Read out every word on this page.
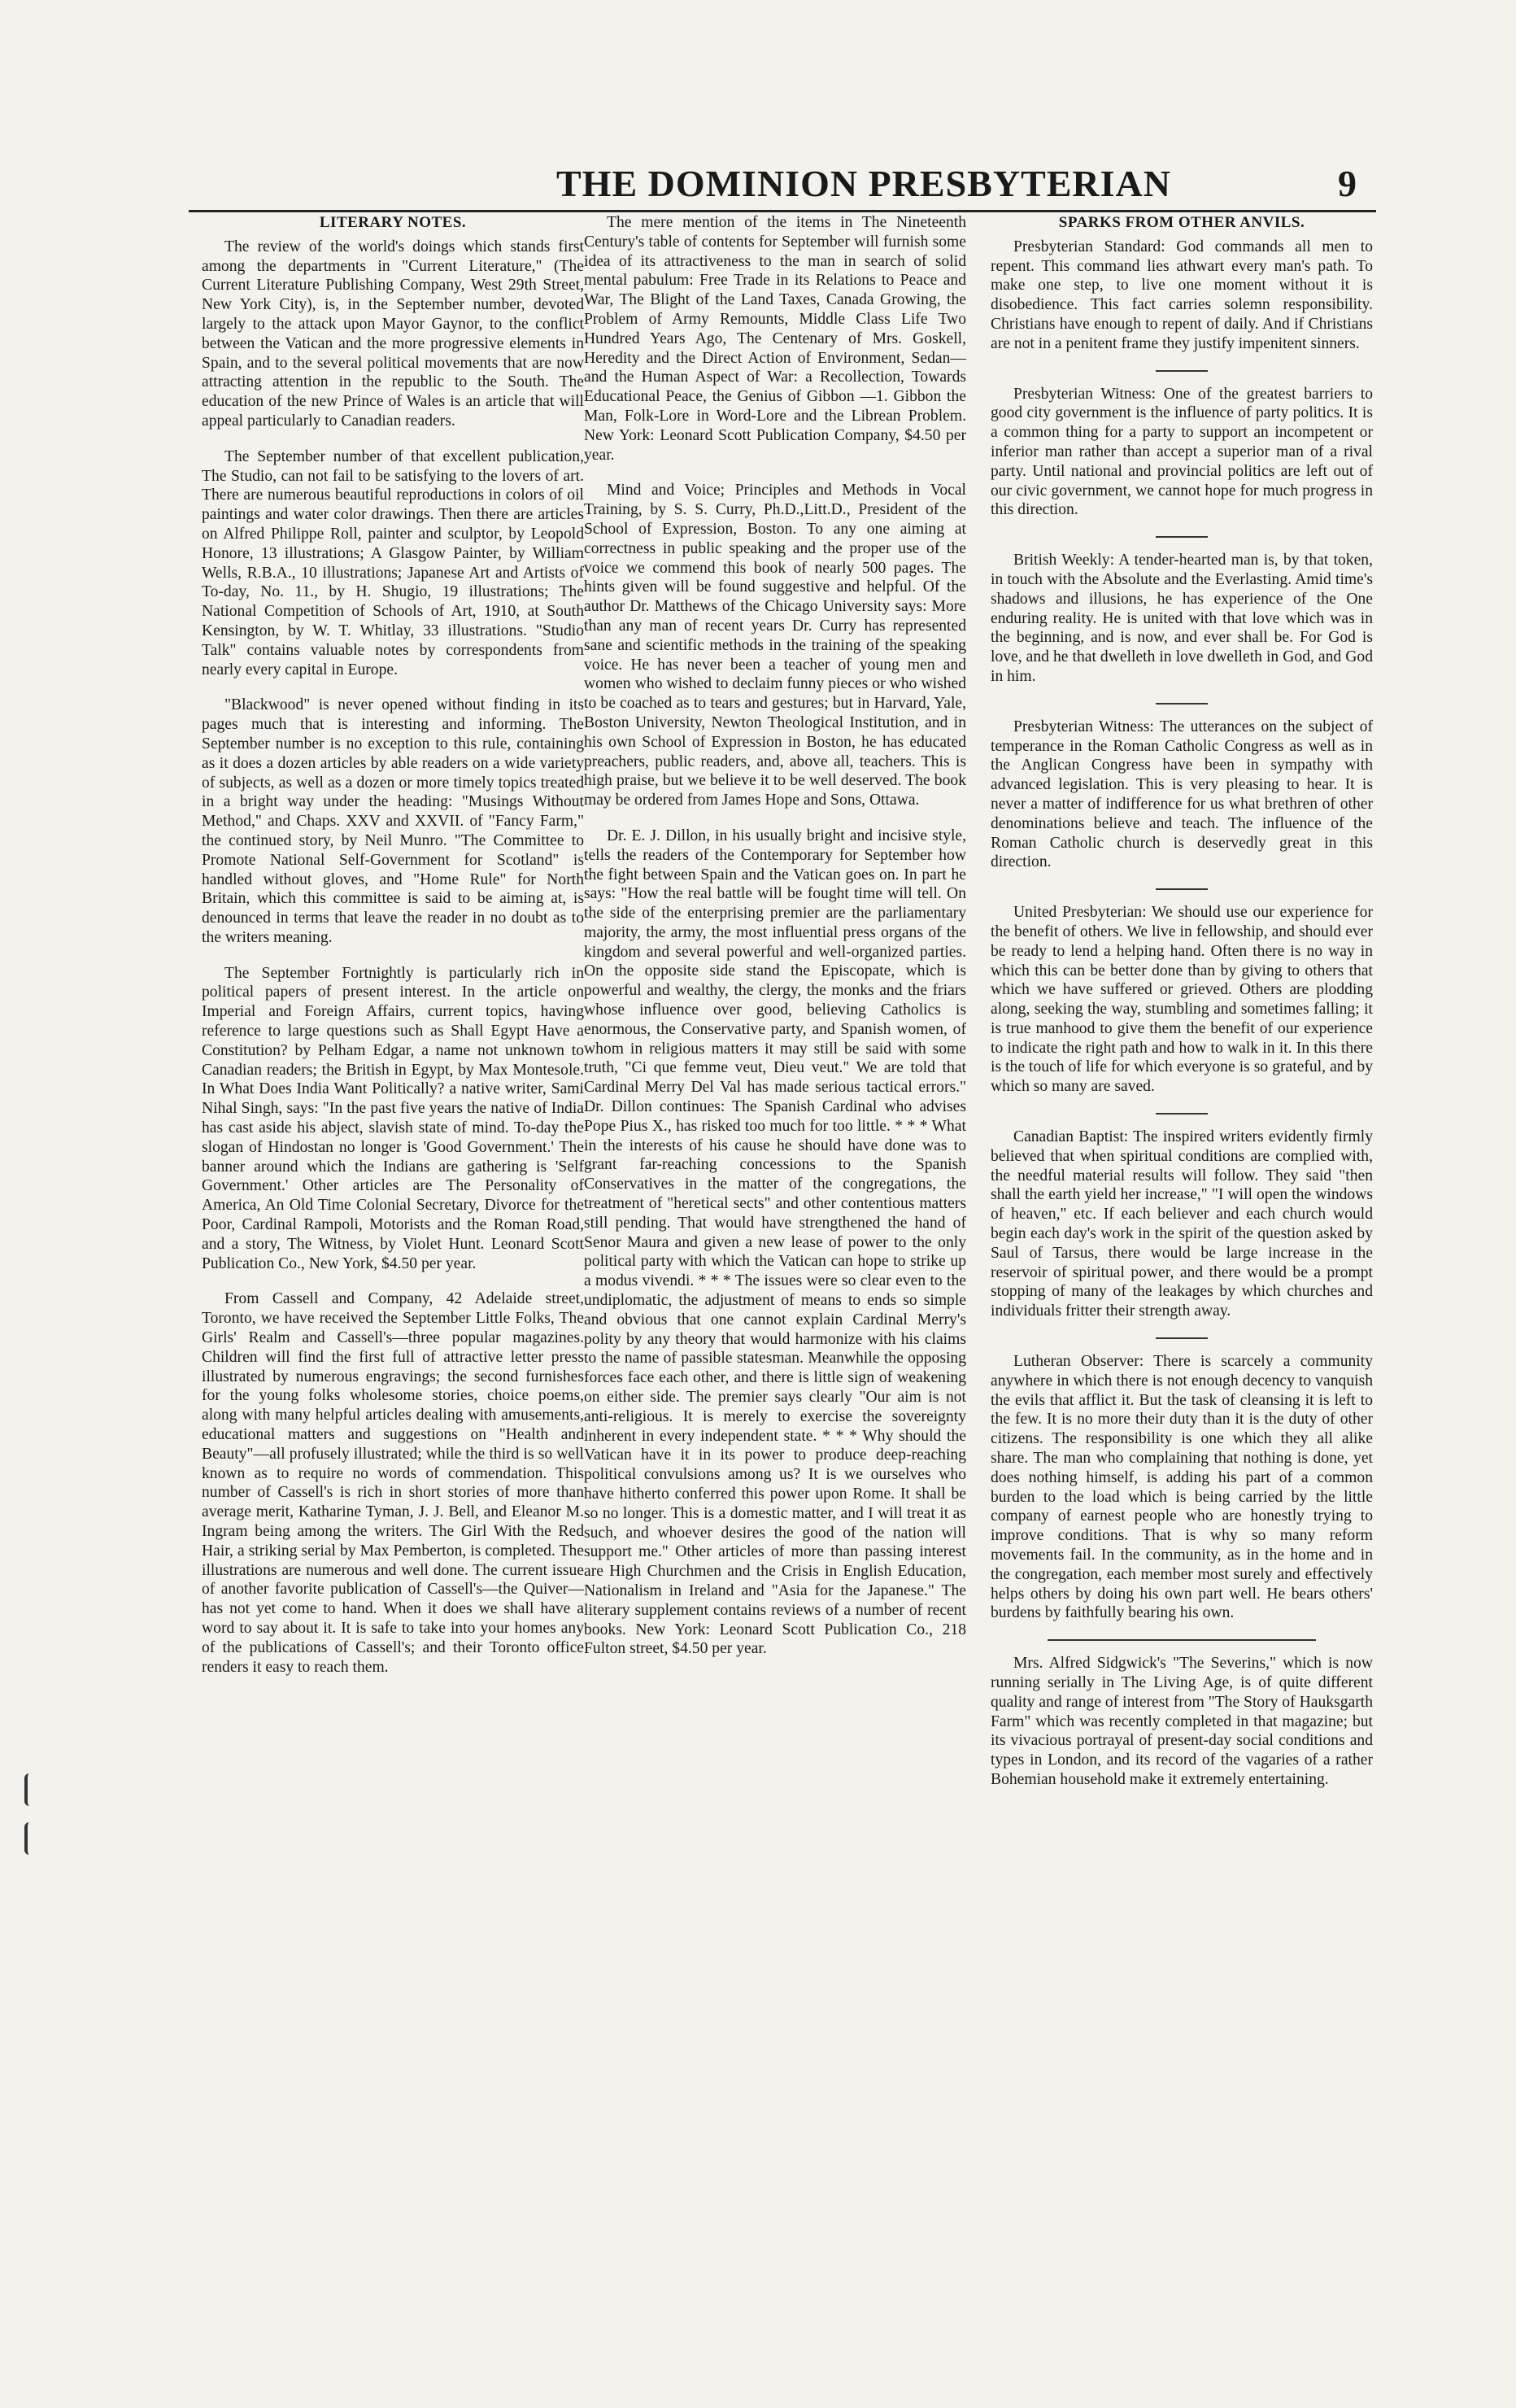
THE DOMINION PRESBYTERIAN	9
LITERARY NOTES.

The review of the world's doings which stands first among the departments in "Current Literature," (The Current Literature Publishing Company, West 29th Street, New York City), is, in the September number, devoted largely to the attack upon Mayor Gaynor, to the conflict between the Vatican and the more progressive elements in Spain, and to the several political movements that are now attracting attention in the republic to the South. The education of the new Prince of Wales is an article that will appeal particularly to Canadian readers.

The September number of that excellent publication, The Studio, can not fail to be satisfying to the lovers of art. There are numerous beautiful reproductions in colors of oil paintings and water color drawings. Then there are articles on Alfred Philippe Roll, painter and sculptor, by Leopold Honore, 13 illustrations; A Glasgow Painter, by William Wells, R.B.A., 10 illustrations; Japanese Art and Artists of To-day, No. 11., by H. Shugio, 19 illustrations; The National Competition of Schools of Art, 1910, at South Kensington, by W. T. Whitlay, 33 illustrations. "Studio Talk" contains valuable notes by correspondents from nearly every capital in Europe.

"Blackwood" is never opened without finding in its pages much that is interesting and informing. The September number is no exception to this rule, containing as it does a dozen articles by able readers on a wide variety of subjects, as well as a dozen or more timely topics treated in a bright way under the heading: "Musings Without Method," and Chaps. XXV and XXVII. of "Fancy Farm," the continued story, by Neil Munro. "The Committee to Promote National Self-Government for Scotland" is handled without gloves, and "Home Rule" for North Britain, which this committee is said to be aiming at, is denounced in terms that leave the reader in no doubt as to the writers meaning.

The September Fortnightly is particularly rich in political papers of present interest. In the article on Imperial and Foreign Affairs, current topics, having reference to large questions such as Shall Egypt Have a Constitution? by Pelham Edgar, a name not unknown to Canadian readers; the British in Egypt, by Max Montesole. In What Does India Want Politically? a native writer, Sami Nihal Singh, says: "In the past five years the native of India has cast aside his abject, slavish state of mind. To-day the slogan of Hindostan no longer is 'Good Government.' The banner around which the Indians are gathering is 'Self Government.' Other articles are The Personality of America, An Old Time Colonial Secretary, Divorce for the Poor, Cardinal Rampoli, Motorists and the Roman Road, and a story, The Witness, by Violet Hunt. Leonard Scott Publication Co., New York, $4.50 per year.

From Cassell and Company, 42 Adelaide street, Toronto, we have received the September Little Folks, The Girls' Realm and Cassell's—three popular magazines. Children will find the first full of attractive letter press illustrated by numerous engravings; the second furnishes for the young folks wholesome stories, choice poems, along with many helpful articles dealing with amusements, educational matters and suggestions on "Health and Beauty"—all profusely illustrated; while the third is so well known as to require no words of commendation. This number of Cassell's is rich in short stories of more than average merit, Katharine Tyman, J. J. Bell, and Eleanor M. Ingram being among the writers. The Girl With the Red Hair, a striking serial by Max Pemberton, is completed. The illustrations are numerous and well done. The current issue of another favorite publication of Cassell's—the Quiver—has not yet come to hand. When it does we shall have a word to say about it. It is safe to take into your homes any of the publications of Cassell's; and their Toronto office renders it easy to reach them.

The mere mention of the items in The Nineteenth Century's table of contents for September will furnish some idea of its attractiveness to the man in search of solid mental pabulum: Free Trade in its Relations to Peace and War, The Blight of the Land Taxes, Canada Growing, the Problem of Army Remounts, Middle Class Life Two Hundred Years Ago, The Centenary of Mrs. Goskell, Heredity and the Direct Action of Environment, Sedan—and the Human Aspect of War: a Recollection, Towards Educational Peace, the Genius of Gibbon —1. Gibbon the Man, Folk-Lore in Word-Lore and the Librean Problem. New York: Leonard Scott Publication Company, $4.50 per year.

Mind and Voice; Principles and Methods in Vocal Training, by S. S. Curry, Ph.D.,Litt.D., President of the School of Expression, Boston. To any one aiming at correctness in public speaking and the proper use of the voice we commend this book of nearly 500 pages. The hints given will be found suggestive and helpful. Of the author Dr. Matthews of the Chicago University says: More than any man of recent years Dr. Curry has represented sane and scientific methods in the training of the speaking voice. He has never been a teacher of young men and women who wished to declaim funny pieces or who wished to be coached as to tears and gestures; but in Harvard, Yale, Boston University, Newton Theological Institution, and in his own School of Expression in Boston, he has educated preachers, public readers, and, above all, teachers. This is high praise, but we believe it to be well deserved. The book may be ordered from James Hope and Sons, Ottawa.

Dr. E. J. Dillon, in his usually bright and incisive style, tells the readers of the Contemporary for September how the fight between Spain and the Vatican goes on. In part he says: "How the real battle will be fought time will tell. On the side of the enterprising premier are the parliamentary majority, the army, the most influential press organs of the kingdom and several powerful and well-organized parties. On the opposite side stand the Episcopate, which is powerful and wealthy, the clergy, the monks and the friars whose influence over good, believing Catholics is enormous, the Conservative party, and Spanish women, of whom in religious matters it may still be said with some truth, "Ci que femme veut, Dieu veut." We are told that Cardinal Merry Del Val has made serious tactical errors." Dr. Dillon continues: The Spanish Cardinal who advises Pope Pius X., has risked too much for too little. * * * What in the interests of his cause he should have done was to grant far-reaching concessions to the Spanish Conservatives in the matter of the congregations, the treatment of "heretical sects" and other contentious matters still pending. That would have strengthened the hand of Senor Maura and given a new lease of power to the only political party with which the Vatican can hope to strike up a modus vivendi. * * * The issues were so clear even to the undiplomatic, the adjustment of means to ends so simple and obvious that one cannot explain Cardinal Merry's polity by any theory that would harmonize with his claims to the name of passible statesman. Meanwhile the opposing forces face each other, and there is little sign of weakening on either side. The premier says clearly "Our aim is not anti-religious. It is merely to exercise the sovereignty inherent in every independent state. * * * Why should the Vatican have it in its power to produce deep-reaching political convulsions among us? It is we ourselves who have hitherto conferred this power upon Rome. It shall be so no longer. This is a domestic matter, and I will treat it as such, and whoever desires the good of the nation will support me." Other articles of more than passing interest are High Churchmen and the Crisis in English Education, Nationalism in Ireland and "Asia for the Japanese." The literary supplement contains reviews of a number of recent books. New York: Leonard Scott Publication Co., 218 Fulton street, $4.50 per year.

SPARKS FROM OTHER ANVILS.

Presbyterian Standard: God commands all men to repent. This command lies athwart every man's path. To make one step, to live one moment without it is disobedience. This fact carries solemn responsibility. Christians have enough to repent of daily. And if Christians are not in a penitent frame they justify impenitent sinners.

Presbyterian Witness: One of the greatest barriers to good city government is the influence of party politics. It is a common thing for a party to support an incompetent or inferior man rather than accept a superior man of a rival party. Until national and provincial politics are left out of our civic government, we cannot hope for much progress in this direction.

British Weekly: A tender-hearted man is, by that token, in touch with the Absolute and the Everlasting. Amid time's shadows and illusions, he has experience of the One enduring reality. He is united with that love which was in the beginning, and is now, and ever shall be. For God is love, and he that dwelleth in love dwelleth in God, and God in him.

Presbyterian Witness: The utterances on the subject of temperance in the Roman Catholic Congress as well as in the Anglican Congress have been in sympathy with advanced legislation. This is very pleasing to hear. It is never a matter of indifference for us what brethren of other denominations believe and teach. The influence of the Roman Catholic church is deservedly great in this direction.

United Presbyterian: We should use our experience for the benefit of others. We live in fellowship, and should ever be ready to lend a helping hand. Often there is no way in which this can be better done than by giving to others that which we have suffered or grieved. Others are plodding along, seeking the way, stumbling and sometimes falling; it is true manhood to give them the benefit of our experience to indicate the right path and how to walk in it. In this there is the touch of life for which everyone is so grateful, and by which so many are saved.

Canadian Baptist: The inspired writers evidently firmly believed that when spiritual conditions are complied with, the needful material results will follow. They said "then shall the earth yield her increase," "I will open the windows of heaven," etc. If each believer and each church would begin each day's work in the spirit of the question asked by Saul of Tarsus, there would be large increase in the reservoir of spiritual power, and there would be a prompt stopping of many of the leakages by which churches and individuals fritter their strength away.

Lutheran Observer: There is scarcely a community anywhere in which there is not enough decency to vanquish the evils that afflict it. But the task of cleansing it is left to the few. It is no more their duty than it is the duty of other citizens. The responsibility is one which they all alike share. The man who complaining that nothing is done, yet does nothing himself, is adding his part of a common burden to the load which is being carried by the little company of earnest people who are honestly trying to improve conditions. That is why so many reform movements fail. In the community, as in the home and in the congregation, each member most surely and effectively helps others by doing his own part well. He bears others' burdens by faithfully bearing his own.

Mrs. Alfred Sidgwick's "The Severins," which is now running serially in The Living Age, is of quite different quality and range of interest from "The Story of Hauksgarth Farm" which was recently completed in that magazine; but its vivacious portrayal of present-day social conditions and types in London, and its record of the vagaries of a rather Bohemian household make it extremely entertaining.
